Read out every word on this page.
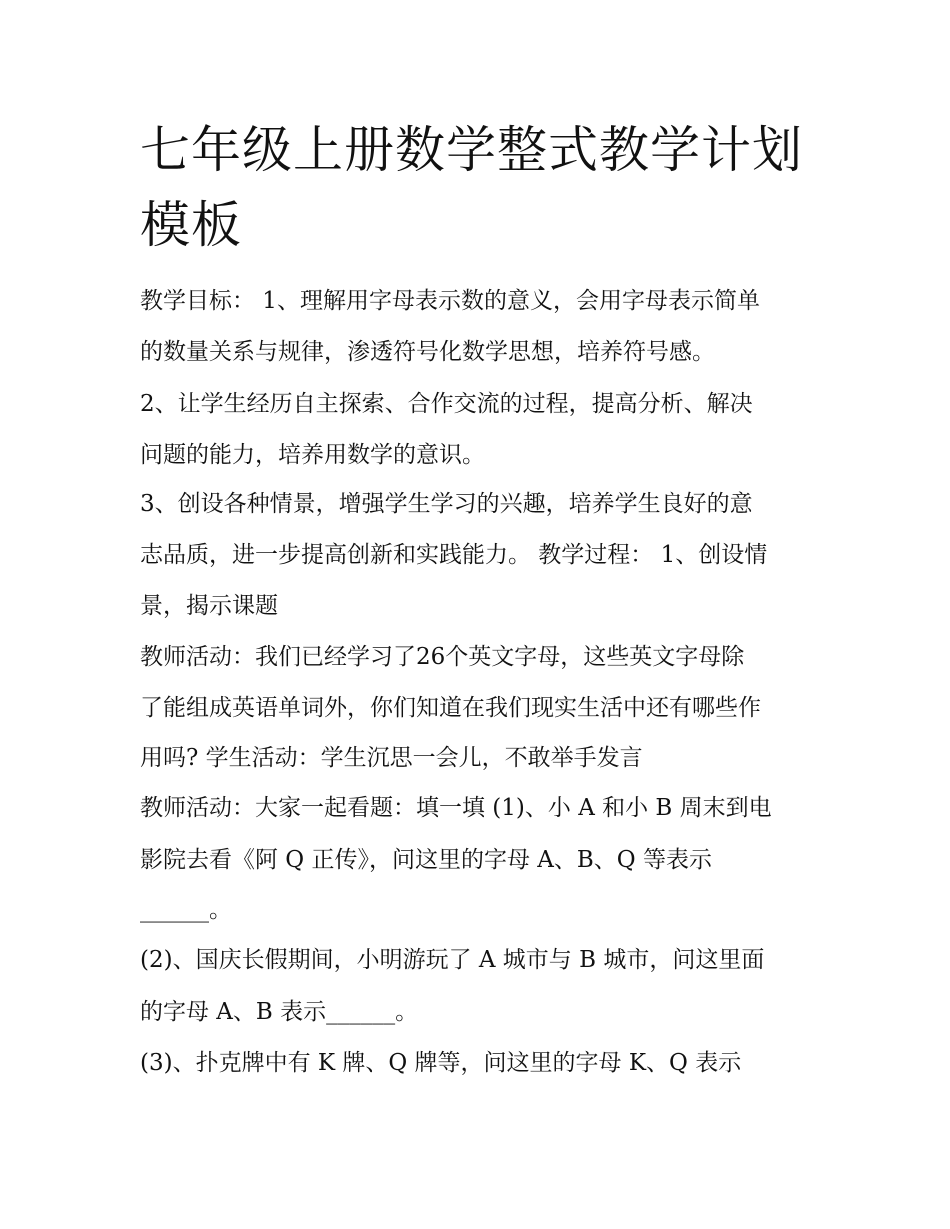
七年级上册数学整式教学计划
模板
教学目标： 1、理解用字母表示数的意义，会用字母表示简单
的数量关系与规律，渗透符号化数学思想，培养符号感。
2、让学生经历自主探索、合作交流的过程，提高分析、解决
问题的能力，培养用数学的意识。
3、创设各种情景，增强学生学习的兴趣，培养学生良好的意
志品质，进一步提高创新和实践能力。 教学过程： 1、创设情
景，揭示课题
教师活动：我们已经学习了26个英文字母，这些英文字母除
了能组成英语单词外，你们知道在我们现实生活中还有哪些作
用吗? 学生活动：学生沉思一会儿，不敢举手发言
教师活动：大家一起看题：填一填 (1)、小 A 和小 B 周末到电
影院去看《阿 Q 正传》，问这里的字母 A、B、Q 等表示
______。
(2)、国庆长假期间，小明游玩了 A 城市与 B 城市，问这里面
的字母 A、B 表示______。
(3)、扑克牌中有 K 牌、Q 牌等，问这里的字母 K、Q 表示
